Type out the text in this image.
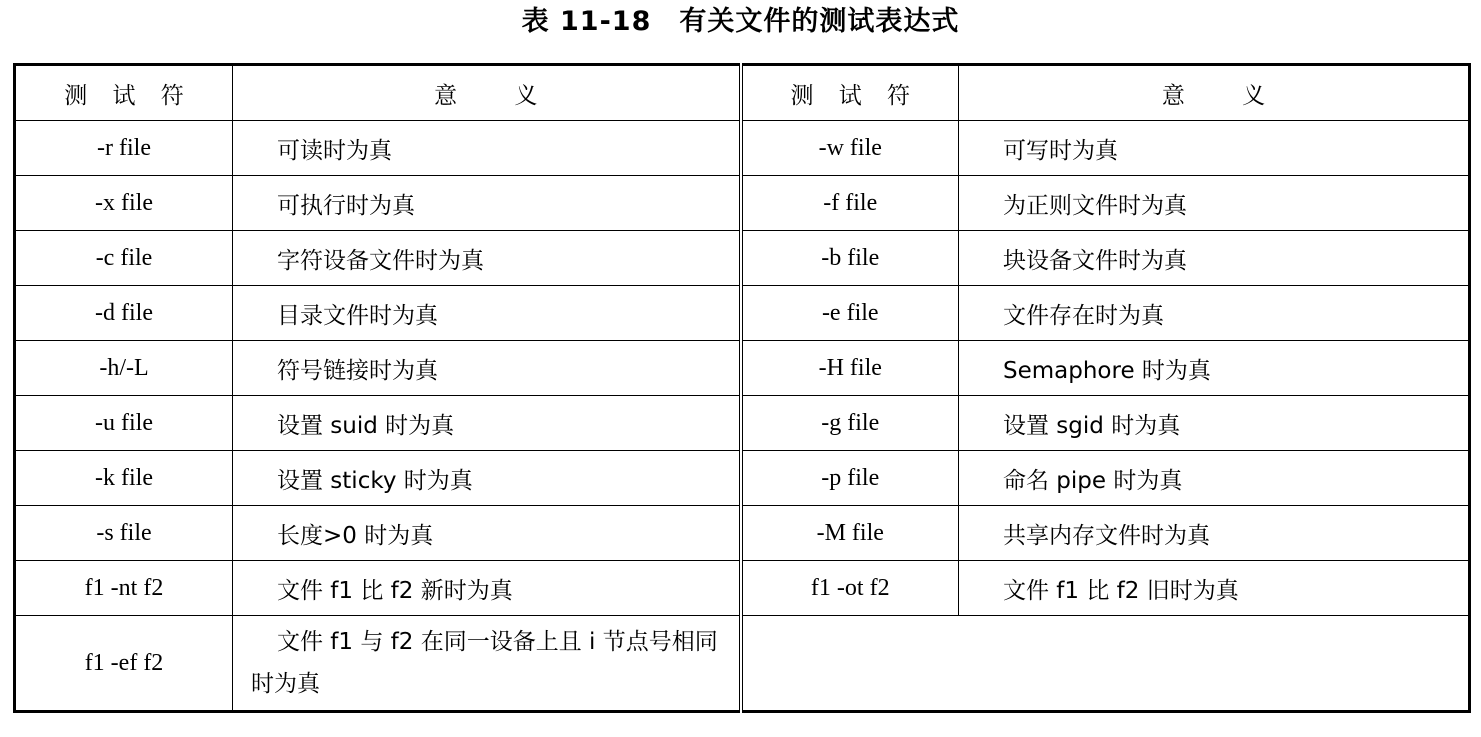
表 11-18　有关文件的测试表达式
测 试 符	意 义	测 试 符	意 义
-r file	可读时为真	-w file	可写时为真
-x file	可执行时为真	-f file	为正则文件时为真
-c file	字符设备文件时为真	-b file	块设备文件时为真
-d file	目录文件时为真	-e file	文件存在时为真
-h/-L	符号链接时为真	-H file	Semaphore 时为真
-u file	设置 suid 时为真	-g file	设置 sgid 时为真
-k file	设置 sticky 时为真	-p file	命名 pipe 时为真
-s file	长度>0 时为真	-M file	共享内存文件时为真
f1 -nt f2	文件 f1 比 f2 新时为真	f1 -ot f2	文件 f1 比 f2 旧时为真
f1 -ef f2	文件 f1 与 f2 在同一设备上且 i 节点号相同时为真		
